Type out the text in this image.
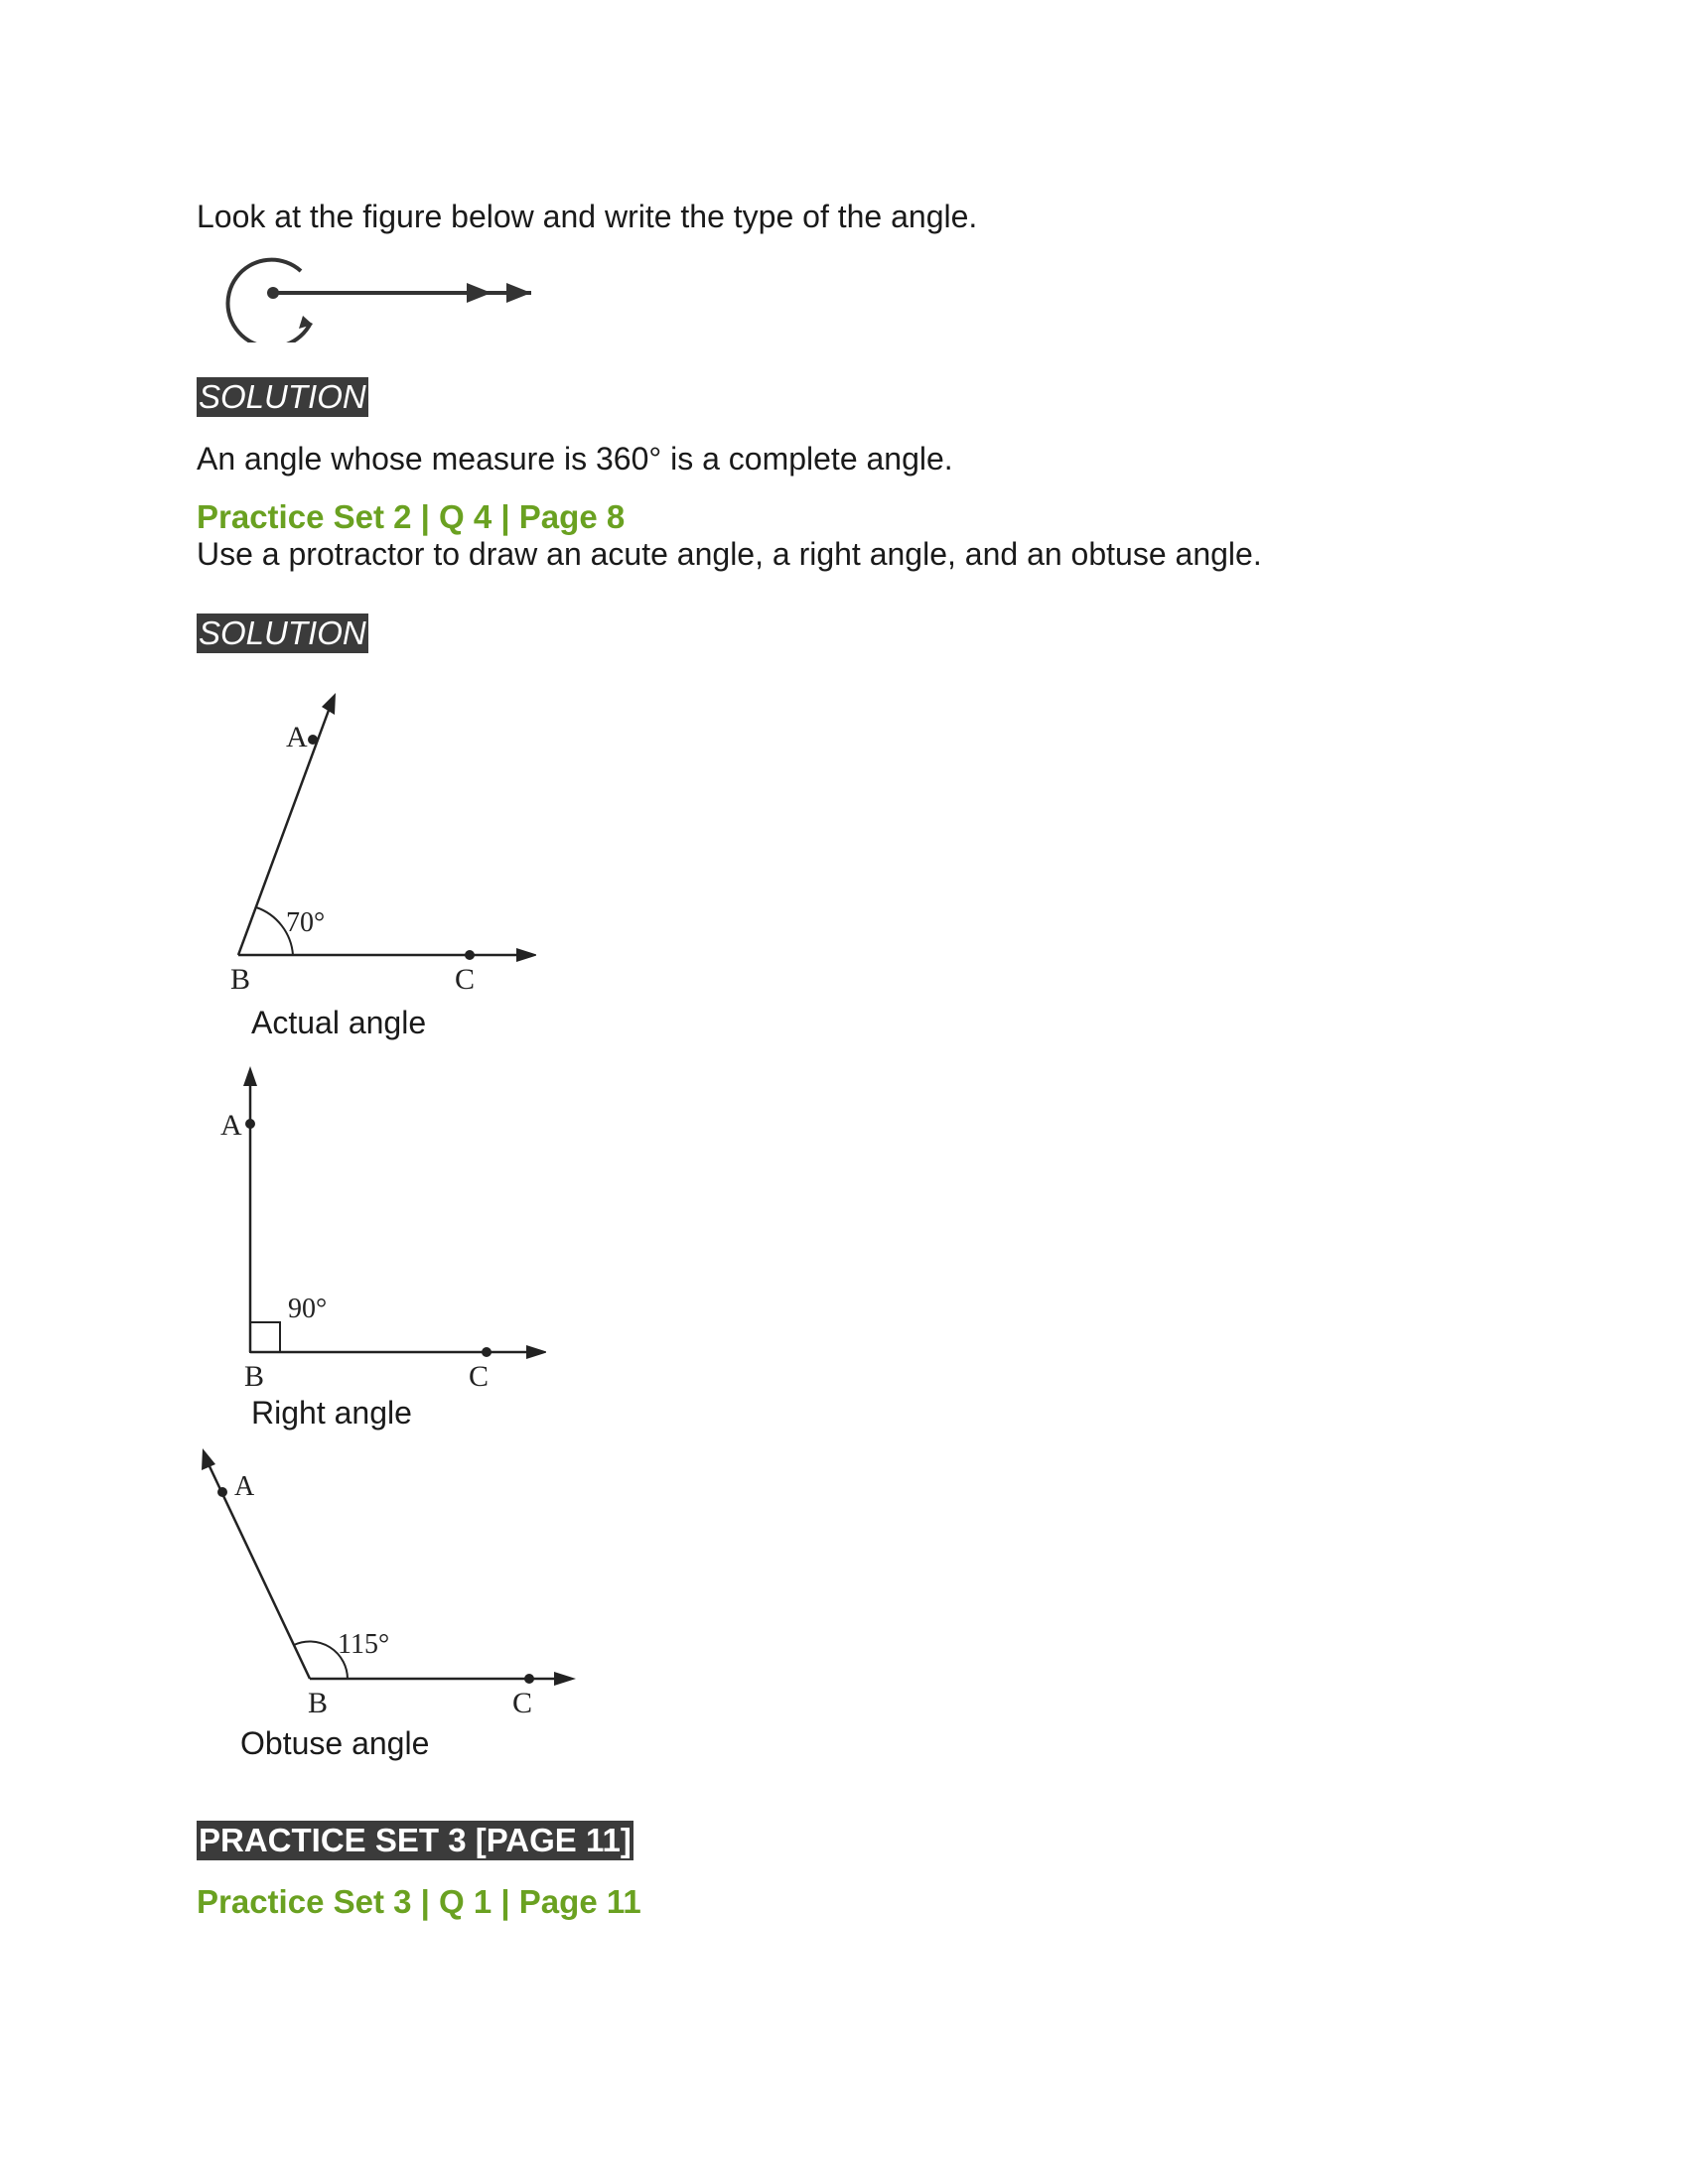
Look at the figure below and write the type of the angle.
SOLUTION
An angle whose measure is 360° is a complete angle.
Practice Set 2 | Q 4 | Page 8
Use a protractor to draw an acute angle, a right angle, and an obtuse angle.
SOLUTION
A
B	C
70°
Actual angle
A
B	C
90°
Right angle
A
B	C
115°
Obtuse angle
PRACTICE SET 3 [PAGE 11]
Practice Set 3 | Q 1 | Page 11
